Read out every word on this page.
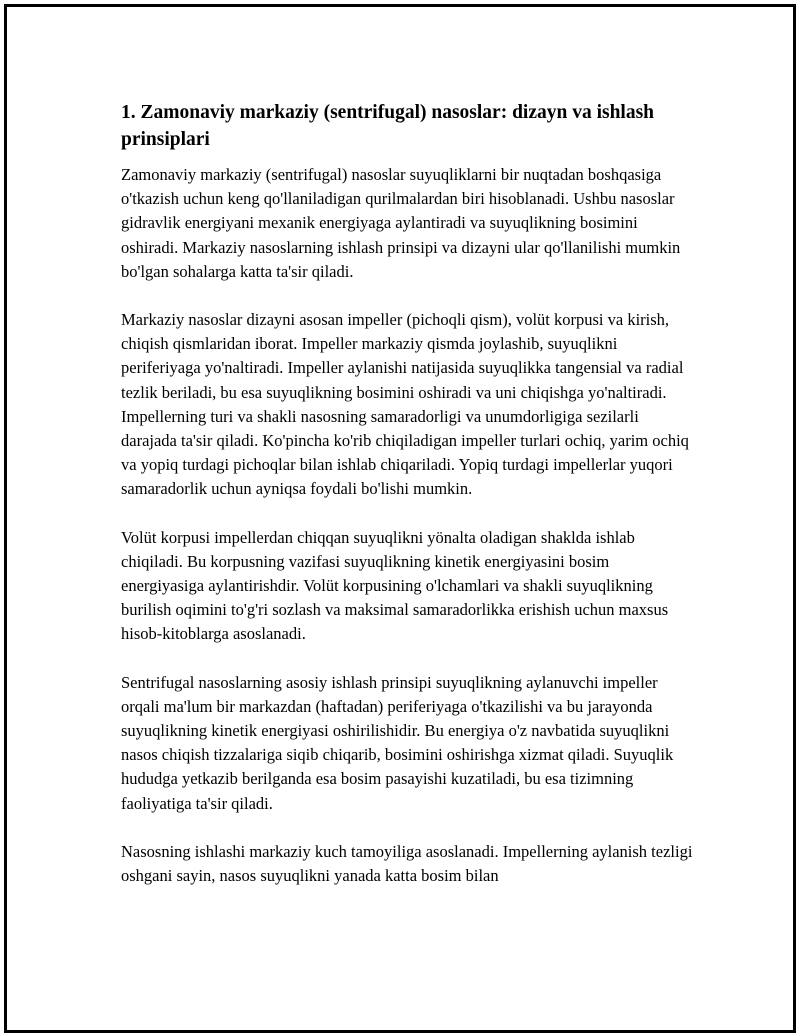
1. Zamonaviy markaziy (sentrifugal) nasoslar: dizayn va ishlash prinsiplari

Zamonaviy markaziy (sentrifugal) nasoslar suyuqliklarni bir nuqtadan boshqasiga o'tkazish uchun keng qo'llaniladigan qurilmalardan biri hisoblanadi. Ushbu nasoslar gidravlik energiyani mexanik energiyaga aylantiradi va suyuqlikning bosimini oshiradi. Markaziy nasoslarning ishlash prinsipi va dizayni ular qo'llanilishi mumkin bo'lgan sohalarga katta ta'sir qiladi.

Markaziy nasoslar dizayni asosan impeller (pichoqli qism), volüt korpusi va kirish, chiqish qismlaridan iborat. Impeller markaziy qismda joylashib, suyuqlikni periferiyaga yo'naltiradi. Impeller aylanishi natijasida suyuqlikka tangensial va radial tezlik beriladi, bu esa suyuqlikning bosimini oshiradi va uni chiqishga yo'naltiradi. Impellerning turi va shakli nasosning samaradorligi va unumdorligiga sezilarli darajada ta'sir qiladi. Ko'pincha ko'rib chiqiladigan impeller turlari ochiq, yarim ochiq va yopiq turdagi pichoqlar bilan ishlab chiqariladi. Yopiq turdagi impellerlar yuqori samaradorlik uchun ayniqsa foydali bo'lishi mumkin.

Volüt korpusi impellerdan chiqqan suyuqlikni yönalta oladigan shaklda ishlab chiqiladi. Bu korpusning vazifasi suyuqlikning kinetik energiyasini bosim energiyasiga aylantirishdir. Volüt korpusining o'lchamlari va shakli suyuqlikning burilish oqimini to'g'ri sozlash va maksimal samaradorlikka erishish uchun maxsus hisob-kitoblarga asoslanadi.

Sentrifugal nasoslarning asosiy ishlash prinsipi suyuqlikning aylanuvchi impeller orqali ma'lum bir markazdan (haftadan) periferiyaga o'tkazilishi va bu jarayonda suyuqlikning kinetik energiyasi oshirilishidir. Bu energiya o'z navbatida suyuqlikni nasos chiqish tizzalariga siqib chiqarib, bosimini oshirishga xizmat qiladi. Suyuqlik hududga yetkazib berilganda esa bosim pasayishi kuzatiladi, bu esa tizimning faoliyatiga ta'sir qiladi.

Nasosning ishlashi markaziy kuch tamoyiliga asoslanadi. Impellerning aylanish tezligi oshgani sayin, nasos suyuqlikni yanada katta bosim bilan
